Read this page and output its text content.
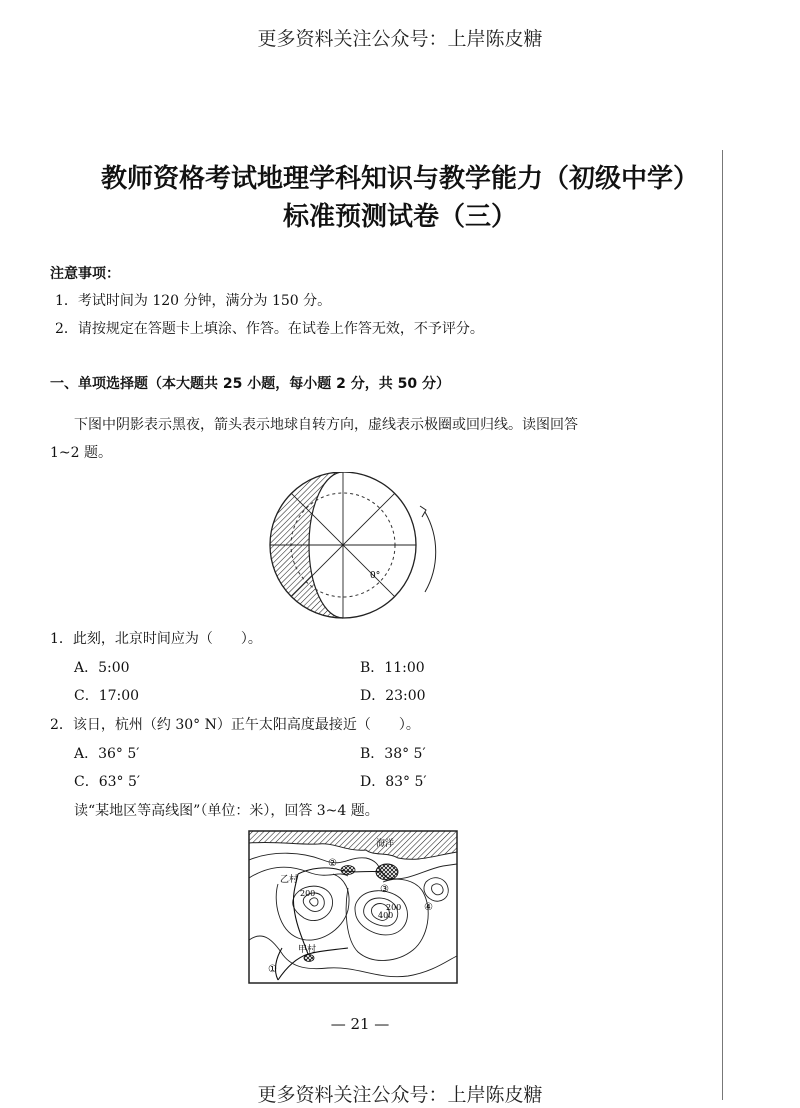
更多资料关注公众号：上岸陈皮糖
教师资格考试地理学科知识与教学能力（初级中学）
标准预测试卷（三）
注意事项：
1．考试时间为 120 分钟，满分为 150 分。
2．请按规定在答题卡上填涂、作答。在试卷上作答无效，不予评分。
一、单项选择题（本大题共 25 小题，每小题 2 分，共 50 分）
下图中阴影表示黑夜，箭头表示地球自转方向，虚线表示极圈或回归线。读图回答
1~2 题。
0°
1．此刻，北京时间应为（　　）。
A．5:00	B．11:00
C．17:00	D．23:00
2．该日，杭州（约 30° N）正午太阳高度最接近（　　）。
A．36° 5′	B．38° 5′
C．63° 5′	D．83° 5′
读“某地区等高线图”（单位：米），回答 3~4 题。
海洋
②
③
④
①
乙村
甲村
200
200
400
— 21 —
更多资料关注公众号：上岸陈皮糖
